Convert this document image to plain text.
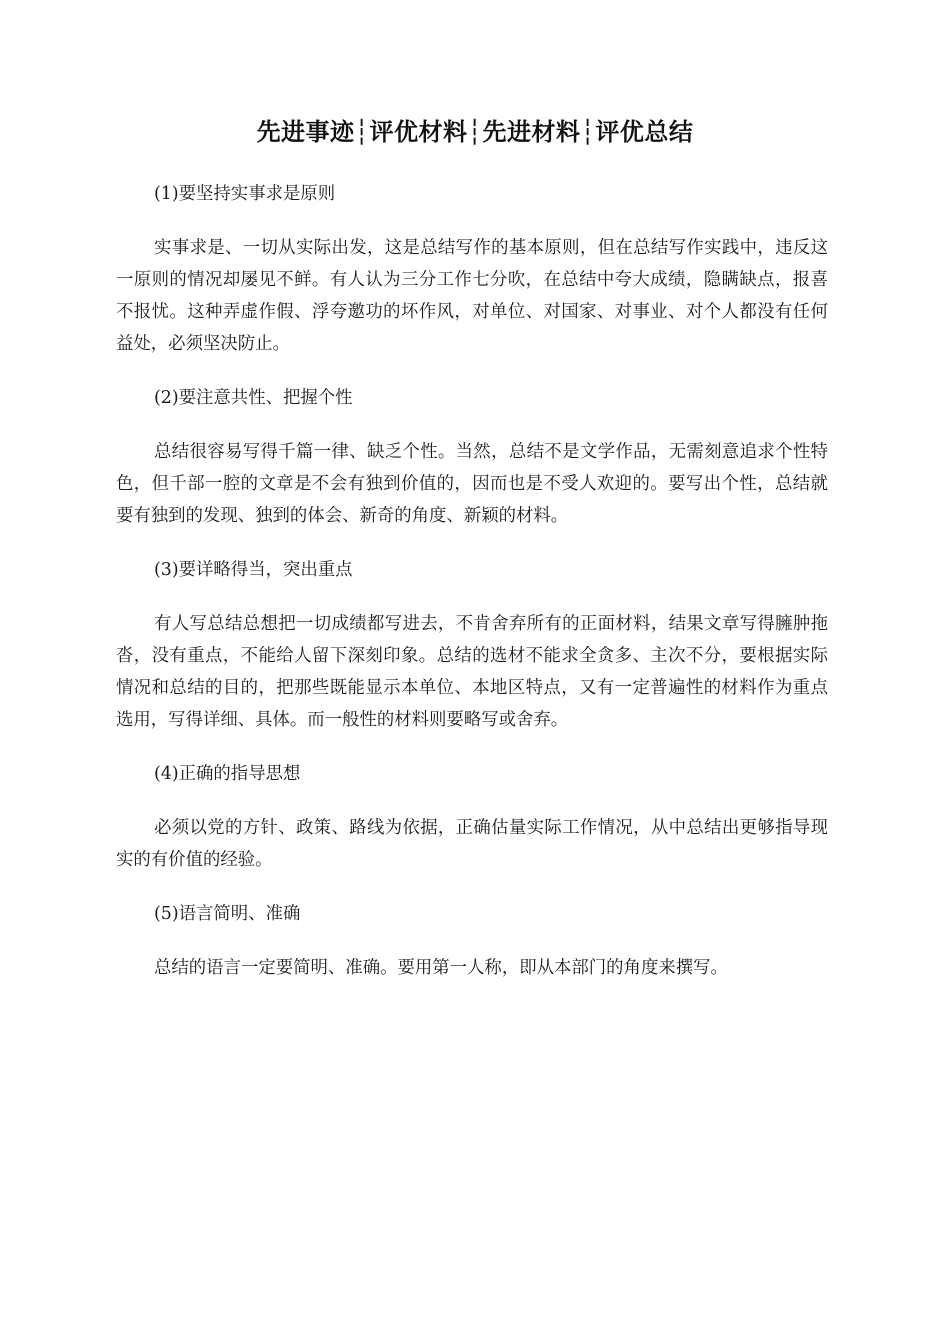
先进事迹┆评优材料┆先进材料┆评优总结
(1)要坚持实事求是原则
实事求是、一切从实际出发，这是总结写作的基本原则，但在总结写作实践中，违反这一原则的情况却屡见不鲜。有人认为三分工作七分吹，在总结中夸大成绩，隐瞒缺点，报喜不报忧。这种弄虚作假、浮夸邀功的坏作风，对单位、对国家、对事业、对个人都没有任何益处，必须坚决防止。
(2)要注意共性、把握个性
总结很容易写得千篇一律、缺乏个性。当然，总结不是文学作品，无需刻意追求个性特色，但千部一腔的文章是不会有独到价值的，因而也是不受人欢迎的。要写出个性，总结就要有独到的发现、独到的体会、新奇的角度、新颖的材料。
(3)要详略得当，突出重点
有人写总结总想把一切成绩都写进去，不肯舍弃所有的正面材料，结果文章写得臃肿拖沓，没有重点，不能给人留下深刻印象。总结的选材不能求全贪多、主次不分，要根据实际情况和总结的目的，把那些既能显示本单位、本地区特点，又有一定普遍性的材料作为重点选用，写得详细、具体。而一般性的材料则要略写或舍弃。
(4)正确的指导思想
必须以党的方针、政策、路线为依据，正确估量实际工作情况，从中总结出更够指导现实的有价值的经验。
(5)语言简明、准确
总结的语言一定要简明、准确。要用第一人称，即从本部门的角度来撰写。
